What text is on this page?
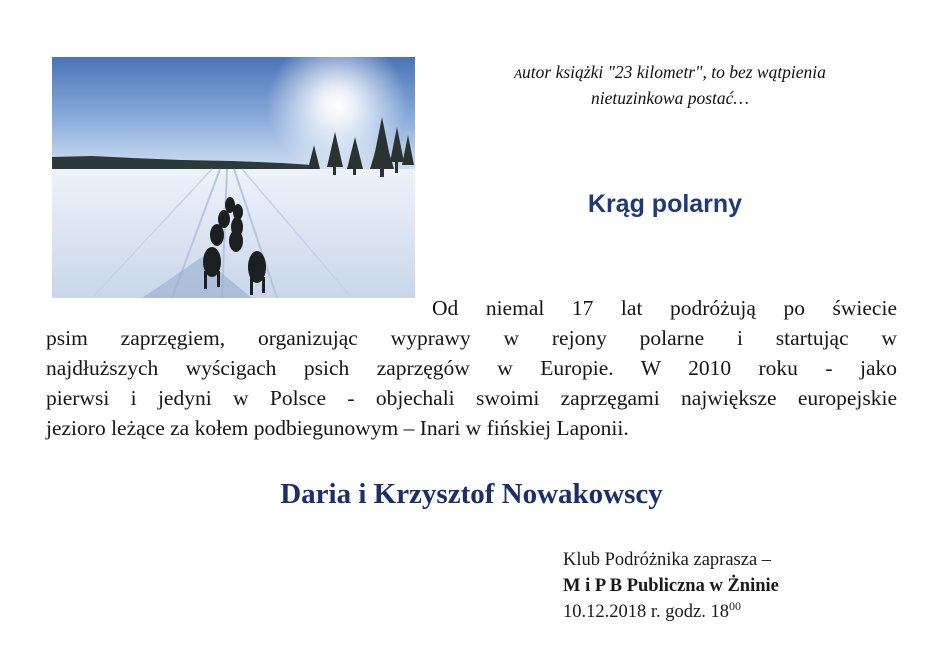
Autor książki "23 kilometr", to bez wątpienia
nietuzinkowa postać…
Krąg polarny
Od niemal 17 lat podróżują po świecie
psim zaprzęgiem, organizując wyprawy w rejony polarne i startując w
najdłuższych wyścigach psich zaprzęgów w Europie. W 2010 roku - jako
pierwsi i jedyni w Polsce - objechali swoimi zaprzęgami największe europejskie
jezioro leżące za kołem podbiegunowym – Inari w fińskiej Laponii.
Daria i Krzysztof Nowakowscy
Klub Podróżnika zaprasza –
M i P B Publiczna w Żninie
10.12.2018 r. godz. $18^{00}$
